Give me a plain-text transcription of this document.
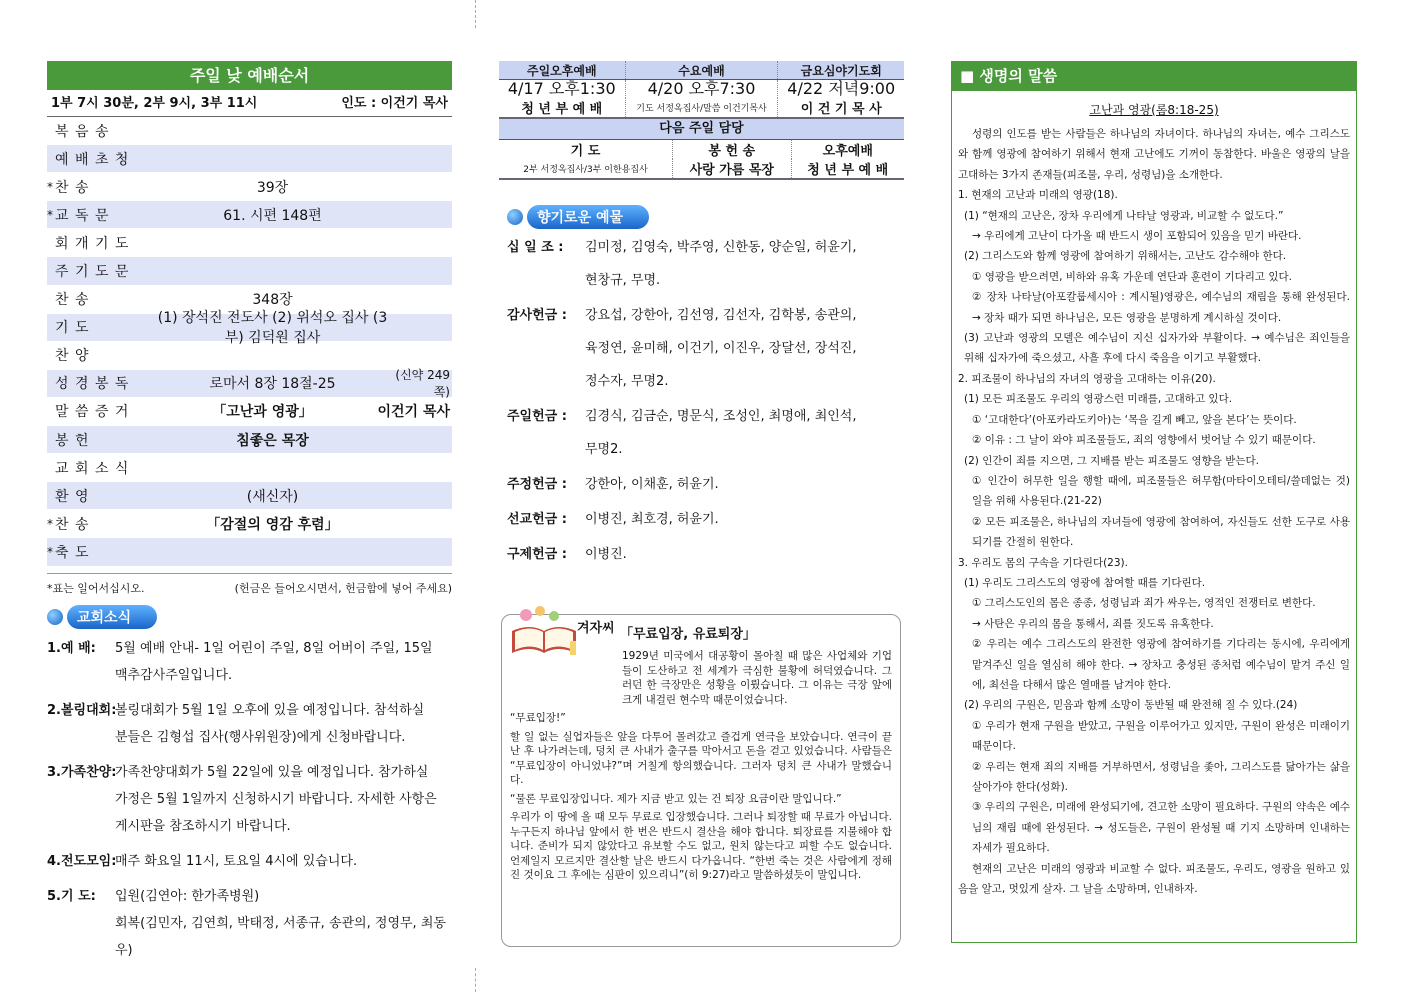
주일 낮 예배순서
1부 7시 30분, 2부 9시, 3부 11시	인도 : 이건기 목사
복 음 송
예 배 초 청
* 찬 송	39장
* 교 독 문	61. 시편 148편
회 개 기 도
주 기 도 문
찬 송	348장
기 도
(1) 장석진 전도사 (2) 위석오 집사 (3부) 김덕원 집사
찬 양
성 경 봉 독	로마서 8장 18절-25
(신약 249쪽)
말 씀 증 거	「고난과 영광」	이건기 목사
봉 헌	침좋은 목장
교 회 소 식
환 영	(새신자)
* 찬 송	「감절의 영감 후렴」
* 축 도
*표는 일어서십시오.	(헌금은 들어오시면서, 헌금함에 넣어 주세요)
교회소식
1.예 배:	5월 예배 안내- 1일 어린이 주일, 8일 어버이 주일, 15일
맥추감사주일입니다.
2.볼링대회:
볼링대회가 5월 1일 오후에 있을 예정입니다. 참석하실
분들은 김형섭 집사(행사위원장)에게 신청바랍니다.
3.가족찬양:
가족찬양대회가 5월 22일에 있을 예정입니다. 참가하실
가정은 5월 1일까지 신청하시기 바랍니다. 자세한 사항은
게시판을 참조하시기 바랍니다.
4.전도모임:
매주 화요일 11시, 토요일 4시에 있습니다.
5.기 도:	입원(김연아: 한가족병원)
회복(김민자, 김연희, 박태정, 서종규, 송관의, 정영무, 최동우)
주일오후예배	수요예배	금요심야기도회
4/17 오후1:30	4/20 오후7:30	4/22 저녁9:00
청 년 부 예 배	기도 서정옥집사/말씀 이건기목사	이 건 기 목 사
다음 주일 담당
기 도	봉 헌 송	오후예배
2부 서정옥집사/3부 이한용집사	사랑 가름 목장	청 년 부 예 배
향기로운 예물
십 일 조 :	김미정, 김영숙, 박주영, 신한동, 양순일, 허윤기,
현창규, 무명.
감사헌금 :	강요섭, 강한아, 김선영, 김선자, 김학봉, 송관의,
육정연, 윤미해, 이건기, 이진우, 장달선, 장석진,
정수자, 무명2.
주일헌금 :	김경식, 김금순, 명문식, 조성인, 최명애, 최인석,
무명2.
주정헌금 :	강한아, 이채훈, 허윤기.
선교헌금 :	이병진, 최호경, 허윤기.
구제헌금 :	이병진.
겨자씨 「무료입장, 유료퇴장」

1929년 미국에서 대공황이 몰아칠 때 많은 사업체와 기업들이 도산하고 전 세계가 극심한 불황에 허덕였습니다. 그러던 한 극장만은 성황을 이뤘습니다. 그 이유는 극장 앞에 크게 내걸린 현수막 때문이었습니다.

“무료입장!”

할 일 없는 실업자들은 앞을 다투어 몰려갔고 즐겁게 연극을 보았습니다. 연극이 끝난 후 나가려는데, 덩치 큰 사내가 출구를 막아서고 돈을 걷고 있었습니다. 사람들은 “무료입장이 아니었냐?”며 거칠게 항의했습니다. 그러자 덩치 큰 사내가 말했습니다.

“물론 무료입장입니다. 제가 지금 받고 있는 건 퇴장 요금이란 말입니다.”

우리가 이 땅에 올 때 모두 무료로 입장했습니다. 그러나 퇴장할 때 무료가 아닙니다. 누구든지 하나님 앞에서 한 번은 반드시 결산을 해야 합니다. 퇴장료를 지불해야 합니다. 준비가 되지 않았다고 유보할 수도 없고, 원치 않는다고 피할 수도 없습니다. 언제일지 모르지만 결산할 날은 반드시 다가옵니다. “한번 죽는 것은 사람에게 정해진 것이요 그 후에는 심판이 있으리니”(히 9:27)라고 말씀하셨듯이 말입니다.

■ 생명의 말씀
고난과 영광(롬8:18-25)

성령의 인도를 받는 사람들은 하나님의 자녀이다. 하나님의 자녀는, 예수 그리스도와 함께 영광에 참여하기 위해서 현재 고난에도 기꺼이 동참한다. 바울은 영광의 날을 고대하는 3가지 존재들(피조물, 우리, 성령님)을 소개한다.

1. 현재의 고난과 미래의 영광(18).

(1) “현재의 고난은, 장차 우리에게 나타날 영광과, 비교할 수 없도다.”

→ 우리에게 고난이 다가올 때 반드시 생이 포함되어 있음을 믿기 바란다.

(2) 그리스도와 함께 영광에 참여하기 위해서는, 고난도 감수해야 한다.

① 영광을 받으려면, 비하와 유혹 가운데 연단과 훈련이 기다리고 있다.

② 장차 나타날(아포칼룹세시아 : 계시될)영광은, 예수님의 재림을 통해 완성된다. → 장차 때가 되면 하나님은, 모든 영광을 분명하게 계시하실 것이다.

(3) 고난과 영광의 모델은 예수님이 지신 십자가와 부활이다. → 예수님은 죄인들을 위해 십자가에 죽으셨고, 사흘 후에 다시 죽음을 이기고 부활했다.

2. 피조물이 하나님의 자녀의 영광을 고대하는 이유(20).

(1) 모든 피조물도 우리의 영광스런 미래를, 고대하고 있다.

① ‘고대한다’(아포카라도키아)는 ‘목을 길게 빼고, 앞을 본다’는 뜻이다.

② 이유 : 그 날이 와야 피조물들도, 죄의 영향에서 벗어날 수 있기 때문이다.

(2) 인간이 죄를 지으면, 그 지배를 받는 피조물도 영향을 받는다.

① 인간이 허무한 일을 행할 때에, 피조물들은 허무함(마타이오테티/쓸데없는 것) 일을 위해 사용된다.(21-22)

② 모든 피조물은, 하나님의 자녀들에 영광에 참여하여, 자신들도 선한 도구로 사용되기를 간절히 원한다.

3. 우리도 몸의 구속을 기다린다(23).

(1) 우리도 그리스도의 영광에 참여할 때를 기다린다.

① 그리스도인의 몸은 종종, 성령님과 죄가 싸우는, 영적인 전쟁터로 변한다.

→ 사탄은 우리의 몸을 통해서, 죄를 짓도록 유혹한다.

② 우리는 예수 그리스도의 완전한 영광에 참여하기를 기다리는 동시에, 우리에게 맡겨주신 일을 열심히 해야 한다. → 장차고 충성된 종처럼 예수님이 맡겨 주신 일에, 최선을 다해서 많은 열매를 남겨야 한다.

(2) 우리의 구원은, 믿음과 함께 소망이 동반될 때 완전해 질 수 있다.(24)

① 우리가 현재 구원을 받았고, 구원을 이루어가고 있지만, 구원이 완성은 미래이기 때문이다.

② 우리는 현재 죄의 지배를 거부하면서, 성령님을 좇아, 그리스도를 닮아가는 삶을 살아가야 한다(성화).

③ 우리의 구원은, 미래에 완성되기에, 견고한 소망이 필요하다. 구원의 약속은 예수님의 재림 때에 완성된다. → 성도들은, 구원이 완성될 때 기지 소망하며 인내하는 자세가 필요하다.

현재의 고난은 미래의 영광과 비교할 수 없다. 피조물도, 우리도, 영광을 원하고 있음을 알고, 멋있게 살자. 그 날을 소망하며, 인내하자.
